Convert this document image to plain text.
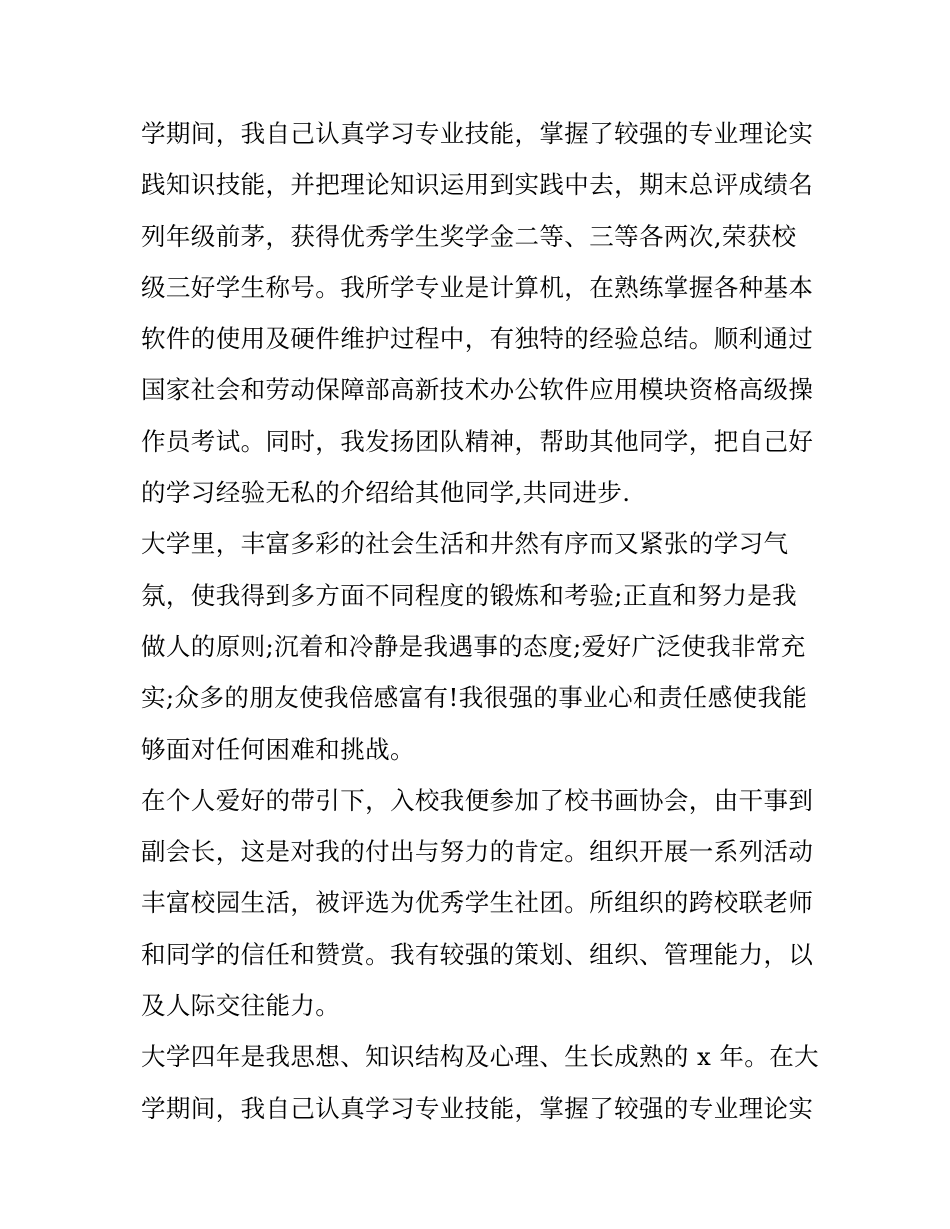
学期间，我自己认真学习专业技能，掌握了较强的专业理论实
践知识技能，并把理论知识运用到实践中去，期末总评成绩名
列年级前茅，获得优秀学生奖学金二等、三等各两次,荣获校
级三好学生称号。我所学专业是计算机，在熟练掌握各种基本
软件的使用及硬件维护过程中，有独特的经验总结。顺利通过
国家社会和劳动保障部高新技术办公软件应用模块资格高级操
作员考试。同时，我发扬团队精神，帮助其他同学，把自己好
的学习经验无私的介绍给其他同学,共同进步.
大学里，丰富多彩的社会生活和井然有序而又紧张的学习气
氛，使我得到多方面不同程度的锻炼和考验;正直和努力是我
做人的原则;沉着和冷静是我遇事的态度;爱好广泛使我非常充
实;众多的朋友使我倍感富有!我很强的事业心和责任感使我能
够面对任何困难和挑战。
在个人爱好的带引下，入校我便参加了校书画协会，由干事到
副会长，这是对我的付出与努力的肯定。组织开展一系列活动
丰富校园生活，被评选为优秀学生社团。所组织的跨校联老师
和同学的信任和赞赏。我有较强的策划、组织、管理能力，以
及人际交往能力。
大学四年是我思想、知识结构及心理、生长成熟的 x 年。在大
学期间，我自己认真学习专业技能，掌握了较强的专业理论实
